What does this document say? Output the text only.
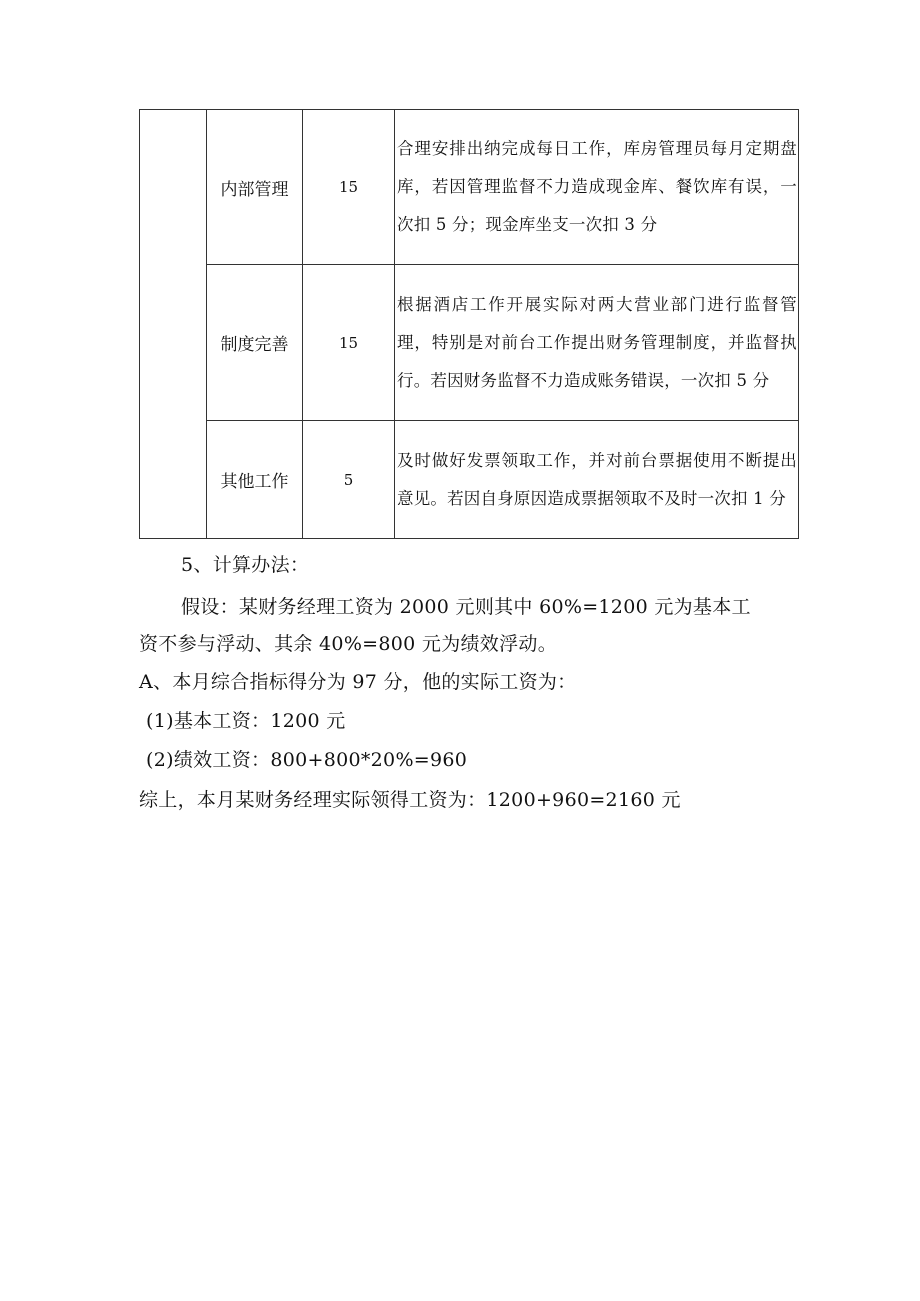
	内部管理	15	合理安排出纳完成每日工作，库房管理员每月定期盘库，若因管理监督不力造成现金库、餐饮库有误，一次扣 5 分；现金库坐支一次扣 3 分
	制度完善	15	根据酒店工作开展实际对两大营业部门进行监督管理，特别是对前台工作提出财务管理制度，并监督执行。若因财务监督不力造成账务错误，一次扣 5 分
	其他工作	5	及时做好发票领取工作，并对前台票据使用不断提出意见。若因自身原因造成票据领取不及时一次扣 1 分
5、计算办法：
假设：某财务经理工资为 2000 元则其中 60%=1200 元为基本工
资不参与浮动、其余 40%=800 元为绩效浮动。
A、本月综合指标得分为 97 分，他的实际工资为：
(1)基本工资：1200 元
(2)绩效工资：800+800*20%=960
综上，本月某财务经理实际领得工资为：1200+960=2160 元
